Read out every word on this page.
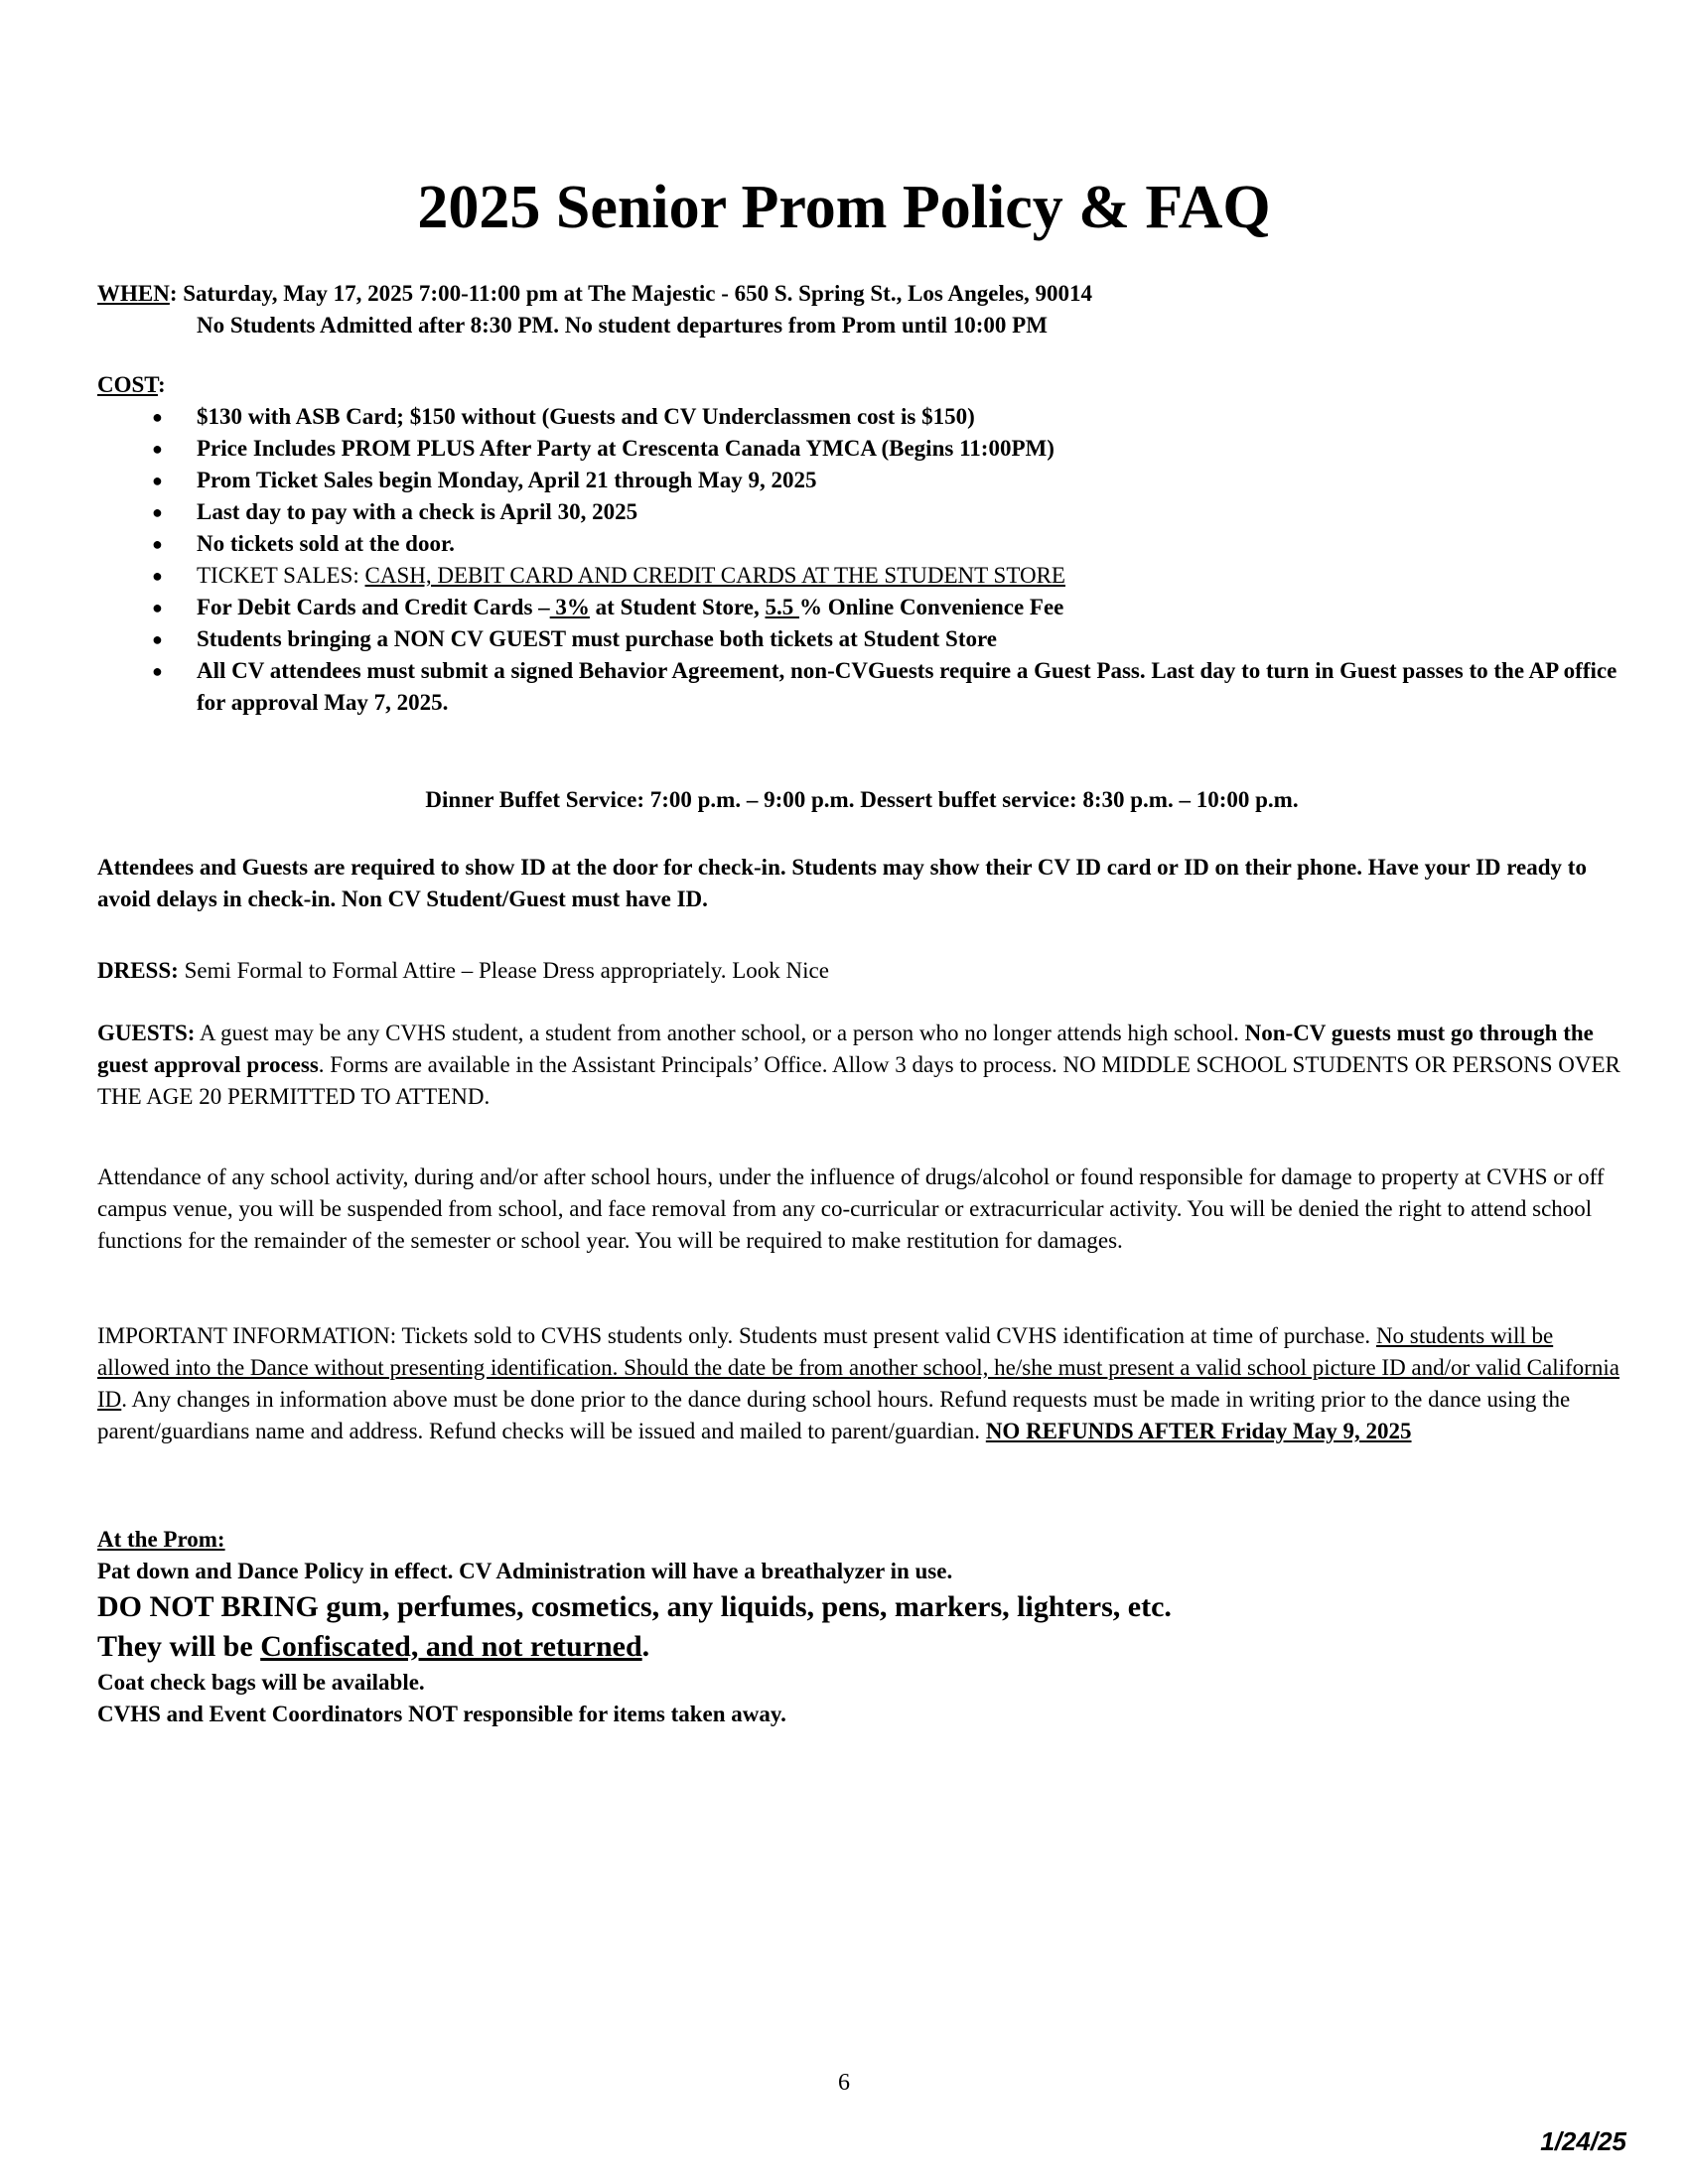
2025 Senior Prom Policy & FAQ

WHEN: Saturday, May 17, 2025 7:00-11:00 pm at The Majestic - 650 S. Spring St., Los Angeles, 90014

No Students Admitted after 8:30 PM. No student departures from Prom until 10:00 PM

COST:

● $130 with ASB Card; $150 without (Guests and CV Underclassmen cost is $150)
● Price Includes PROM PLUS After Party at Crescenta Canada YMCA (Begins 11:00PM)
● Prom Ticket Sales begin Monday, April 21 through May 9, 2025
● Last day to pay with a check is April 30, 2025
● No tickets sold at the door.
● TICKET SALES: CASH, DEBIT CARD AND CREDIT CARDS AT THE STUDENT STORE
● For Debit Cards and Credit Cards – 3% at Student Store, 5.5 % Online Convenience Fee
● Students bringing a NON CV GUEST must purchase both tickets at Student Store
● All CV attendees must submit a signed Behavior Agreement, non-CVGuests require a Guest Pass. Last day to turn in Guest passes to the AP office for approval May 7, 2025.
Dinner Buffet Service: 7:00 p.m. – 9:00 p.m. Dessert buffet service: 8:30 p.m. – 10:00 p.m.
Attendees and Guests are required to show ID at the door for check-in. Students may show their CV ID card or ID on their phone. Have your ID ready to avoid delays in check-in. Non CV Student/Guest must have ID.
DRESS: Semi Formal to Formal Attire – Please Dress appropriately. Look Nice
GUESTS: A guest may be any CVHS student, a student from another school, or a person who no longer attends high school. Non-CV guests must go through the guest approval process. Forms are available in the Assistant Principals’ Office. Allow 3 days to process. NO MIDDLE SCHOOL STUDENTS OR PERSONS OVER THE AGE 20 PERMITTED TO ATTEND.
Attendance of any school activity, during and/or after school hours, under the influence of drugs/alcohol or found responsible for damage to property at CVHS or off campus venue, you will be suspended from school, and face removal from any co-curricular or extracurricular activity. You will be denied the right to attend school functions for the remainder of the semester or school year. You will be required to make restitution for damages.
IMPORTANT INFORMATION: Tickets sold to CVHS students only. Students must present valid CVHS identification at time of purchase. No students will be allowed into the Dance without presenting identification. Should the date be from another school, he/she must present a valid school picture ID and/or valid California ID. Any changes in information above must be done prior to the dance during school hours. Refund requests must be made in writing prior to the dance using the parent/guardians name and address. Refund checks will be issued and mailed to parent/guardian. NO REFUNDS AFTER Friday May 9, 2025

At the Prom:

Pat down and Dance Policy in effect. CV Administration will have a breathalyzer in use.

DO NOT BRING gum, perfumes, cosmetics, any liquids, pens, markers, lighters, etc.

They will be Confiscated, and not returned.

Coat check bags will be available.

CVHS and Event Coordinators NOT responsible for items taken away.

6
1/24/25
